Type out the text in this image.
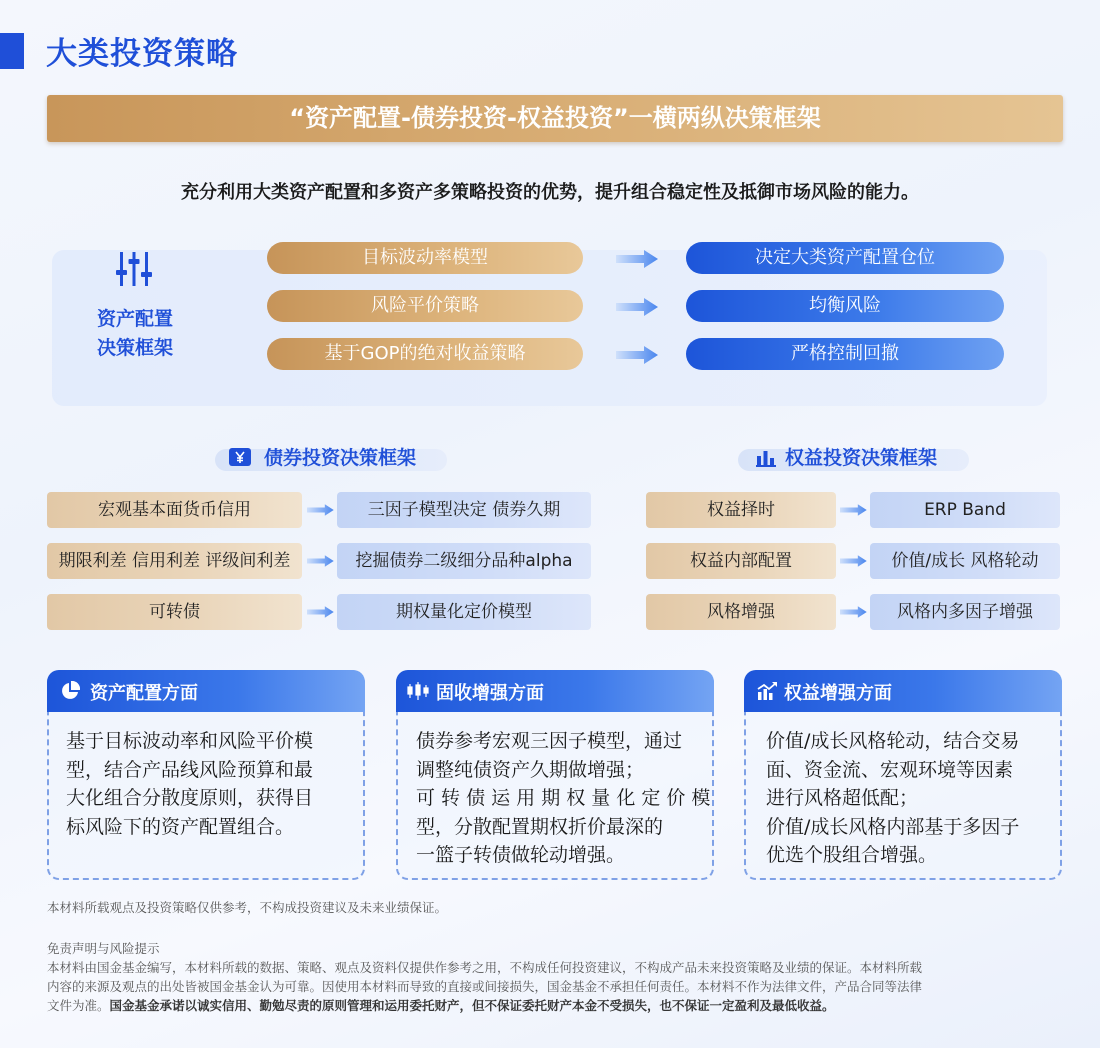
大类投资策略
“资产配置-债券投资-权益投资”一横两纵决策框架
充分利用大类资产配置和多资产多策略投资的优势，提升组合稳定性及抵御市场风险的能力。
资产配置
决策框架
目标波动率模型
风险平价策略
基于GOP的绝对收益策略
决定大类资产配置仓位
均衡风险
严格控制回撤
债券投资决策框架
宏观基本面货币信用
期限利差 信用利差 评级间利差
可转债
三因子模型决定 债券久期
挖掘债券二级细分品种alpha
期权量化定价模型
权益投资决策框架
权益择时
权益内部配置
风格增强
ERP Band
价值/成长 风格轮动
风格内多因子增强
资产配置方面
基于目标波动率和风险平价模
型，结合产品线风险预算和最
大化组合分散度原则，获得目
标风险下的资产配置组合。
固收增强方面
债券参考宏观三因子模型，通过
调整纯债资产久期做增强；
可 转 债 运 用 期 权 量 化 定 价 模
型，分散配置期权折价最深的
一篮子转债做轮动增强。
权益增强方面
价值/成长风格轮动，结合交易
面、资金流、宏观环境等因素
进行风格超低配；
价值/成长风格内部基于多因子
优选个股组合增强。
本材料所载观点及投资策略仅供参考，不构成投资建议及未来业绩保证。
免责声明与风险提示
本材料由国金基金编写，本材料所载的数据、策略、观点及资料仅提供作参考之用，不构成任何投资建议，不构成产品未来投资策略及业绩的保证。本材料所载
内容的来源及观点的出处皆被国金基金认为可靠。因使用本材料而导致的直接或间接损失，国金基金不承担任何责任。本材料不作为法律文件，产品合同等法律
文件为准。国金基金承诺以诚实信用、勤勉尽责的原则管理和运用委托财产，但不保证委托财产本金不受损失，也不保证一定盈利及最低收益。
